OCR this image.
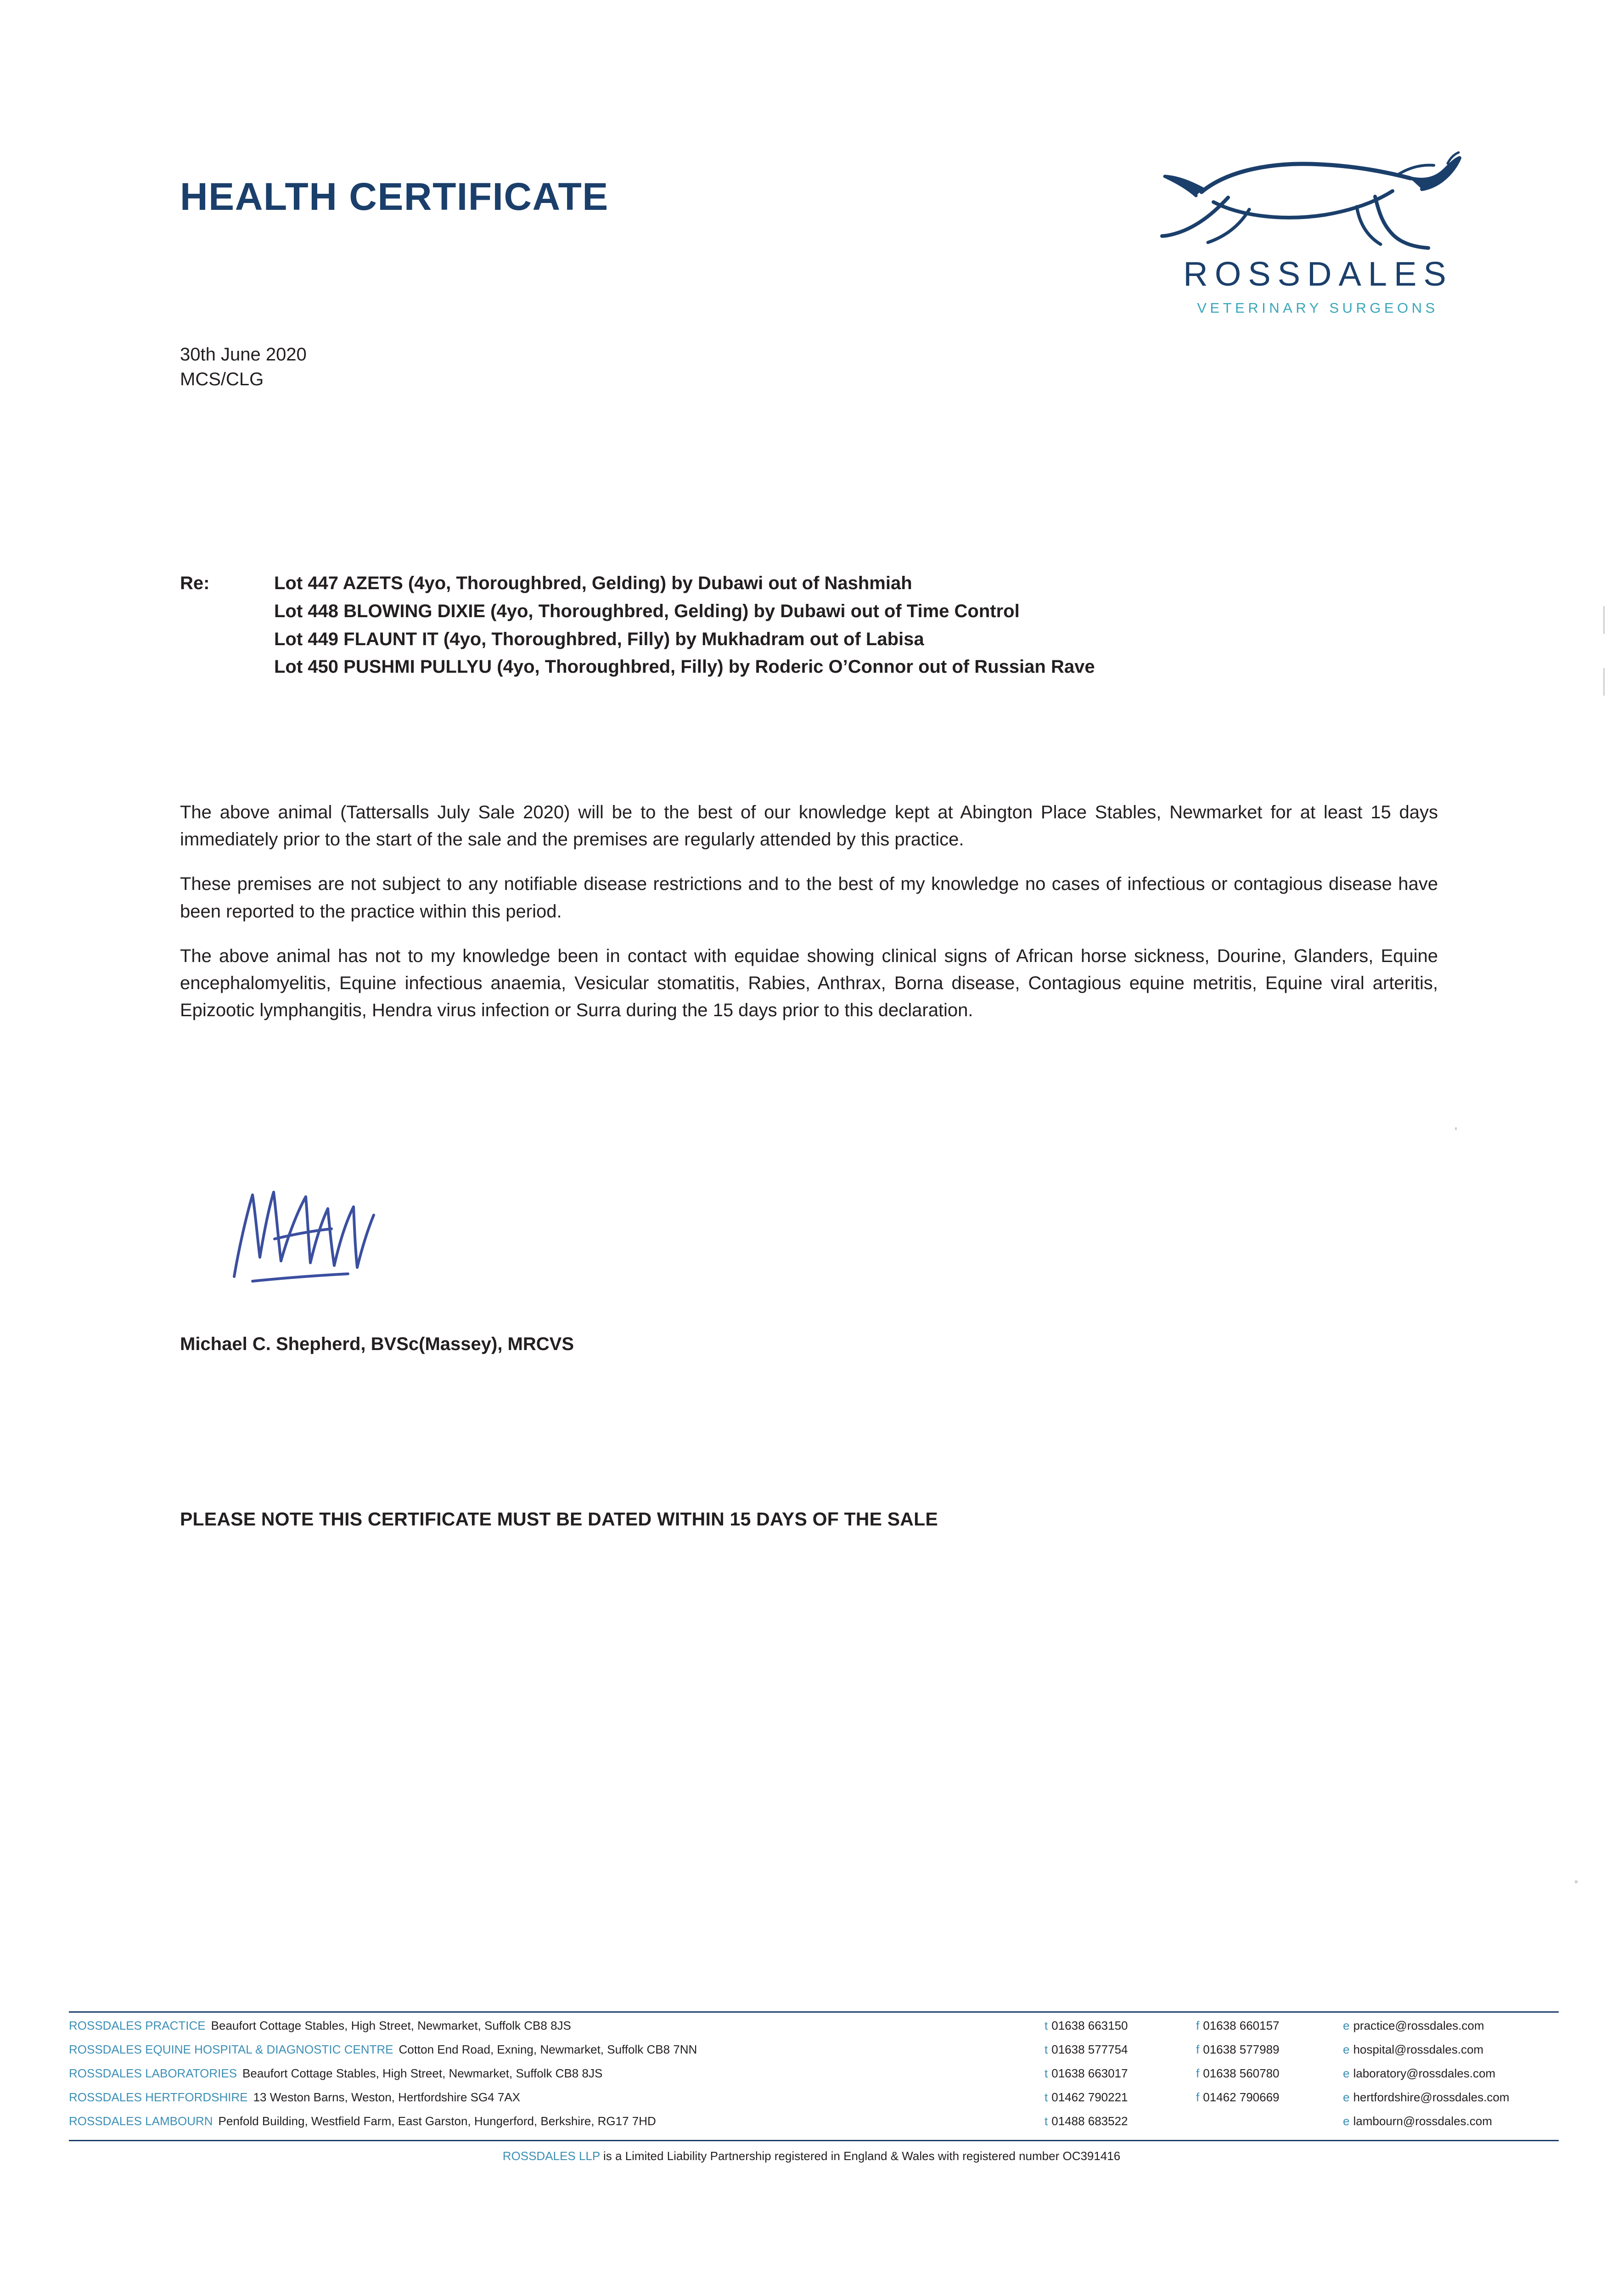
HEALTH CERTIFICATE
ROSSDALES
VETERINARY SURGEONS
30th June 2020
MCS/CLG
Re:	Lot 447 AZETS (4yo, Thoroughbred, Gelding) by Dubawi out of Nashmiah
Lot 448 BLOWING DIXIE (4yo, Thoroughbred, Gelding) by Dubawi out of Time Control
Lot 449 FLAUNT IT (4yo, Thoroughbred, Filly) by Mukhadram out of Labisa
Lot 450 PUSHMI PULLYU (4yo, Thoroughbred, Filly) by Roderic O’Connor out of Russian Rave

The above animal (Tattersalls July Sale 2020) will be to the best of our knowledge kept at Abington Place Stables, Newmarket for at least 15 days immediately prior to the start of the sale and the premises are regularly attended by this practice.

These premises are not subject to any notifiable disease restrictions and to the best of my knowledge no cases of infectious or contagious disease have been reported to the practice within this period.

The above animal has not to my knowledge been in contact with equidae showing clinical signs of African horse sickness, Dourine, Glanders, Equine encephalomyelitis, Equine infectious anaemia, Vesicular stomatitis, Rabies, Anthrax, Borna disease, Contagious equine metritis, Equine viral arteritis, Epizootic lymphangitis, Hendra virus infection or Surra during the 15 days prior to this declaration.

Michael C. Shepherd, BVSc(Massey), MRCVS
PLEASE NOTE THIS CERTIFICATE MUST BE DATED WITHIN 15 DAYS OF THE SALE
ROSSDALES PRACTICE Beaufort Cottage Stables, High Street, Newmarket, Suffolk CB8 8JS	t 01638 663150	f 01638 660157	e practice@rossdales.com
ROSSDALES EQUINE HOSPITAL & DIAGNOSTIC CENTRE Cotton End Road, Exning, Newmarket, Suffolk CB8 7NN	t 01638 577754	f 01638 577989	e hospital@rossdales.com
ROSSDALES LABORATORIES Beaufort Cottage Stables, High Street, Newmarket, Suffolk CB8 8JS	t 01638 663017	f 01638 560780	e laboratory@rossdales.com
ROSSDALES HERTFORDSHIRE 13 Weston Barns, Weston, Hertfordshire SG4 7AX	t 01462 790221	f 01462 790669	e hertfordshire@rossdales.com
ROSSDALES LAMBOURN Penfold Building, Westfield Farm, East Garston, Hungerford, Berkshire, RG17 7HD	t 01488 683522	e lambourn@rossdales.com
ROSSDALES LLP is a Limited Liability Partnership registered in England & Wales with registered number OC391416
